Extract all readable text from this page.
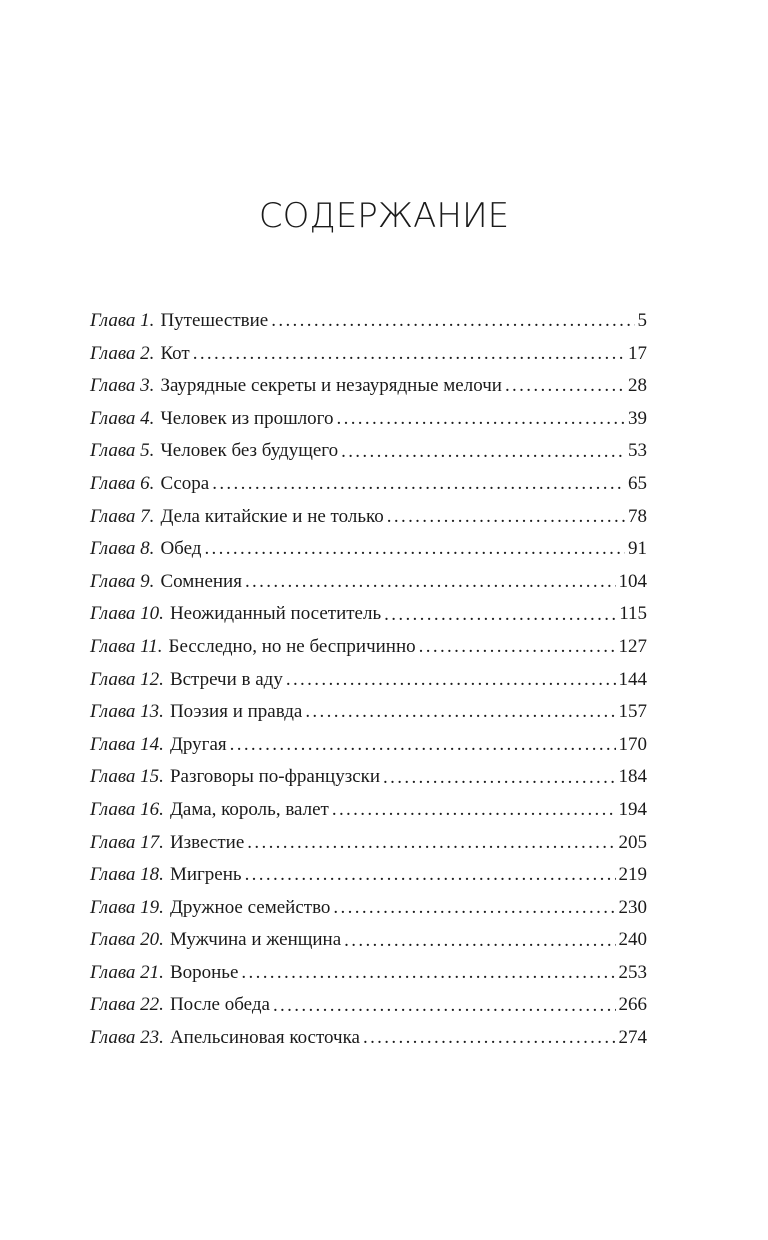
СОДЕРЖАНИЕ
Глава 1. Путешествие . . .	5
Глава 2. Кот . . .	17
Глава 3. Заурядные секреты и незаурядные мелочи . . .	28
Глава 4. Человек из прошлого . . .	39
Глава 5. Человек без будущего . . .	53
Глава 6. Ссора . . .	65
Глава 7. Дела китайские и не только . . .	78
Глава 8. Обед . . .	91
Глава 9. Сомнения . . .	104
Глава 10. Неожиданный посетитель . . .	115
Глава 11. Бесследно, но не беспричинно . . .	127
Глава 12. Встречи в аду . . .	144
Глава 13. Поэзия и правда . . .	157
Глава 14. Другая . . .	170
Глава 15. Разговоры по-французски . . .	184
Глава 16. Дама, король, валет . . .	194
Глава 17. Известие . . .	205
Глава 18. Мигрень . . .	219
Глава 19. Дружное семейство . . .	230
Глава 20. Мужчина и женщина . . .	240
Глава 21. Воронье . . .	253
Глава 22. После обеда . . .	266
Глава 23. Апельсиновая косточка . . .	274
